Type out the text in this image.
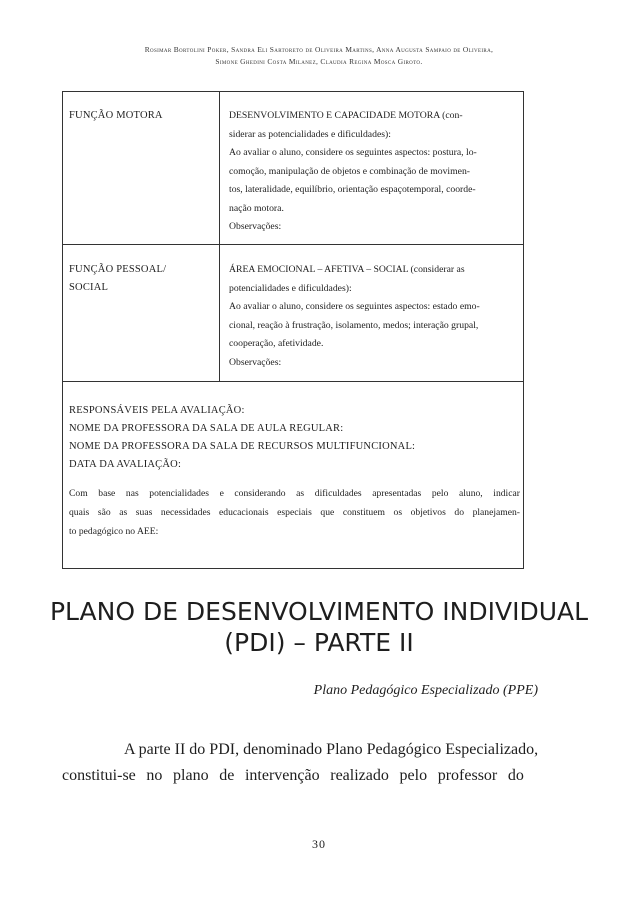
Rosimar Bortolini Poker, Sandra Eli Sartoreto de Oliveira Martins, Anna Augusta Sampaio de Oliveira,
Simone Ghedini Costa Milanez, Claudia Regina Mosca Giroto.
FUNÇÃO MOTORA	DESENVOLVIMENTO E CAPACIDADE MOTORA (con-
siderar as potencialidades e dificuldades):
Ao avaliar o aluno, considere os seguintes aspectos: postura, lo-
comoção, manipulação de objetos e combinação de movimen-
tos, lateralidade, equilíbrio, orientação espaçotemporal, coorde-
nação motora.
Observações:
FUNÇÃO PESSOAL/
SOCIAL
ÁREA EMOCIONAL – AFETIVA – SOCIAL (considerar as
potencialidades e dificuldades):
Ao avaliar o aluno, considere os seguintes aspectos: estado emo-
cional, reação à frustração, isolamento, medos; interação grupal,
cooperação, afetividade.
Observações:
RESPONSÁVEIS PELA AVALIAÇÃO:
NOME DA PROFESSORA DA SALA DE AULA REGULAR:
NOME DA PROFESSORA DA SALA DE RECURSOS MULTIFUNCIONAL:
DATA DA AVALIAÇÃO:
Com base nas potencialidades e considerando as dificuldades apresentadas pelo aluno, indicar
quais são as suas necessidades educacionais especiais que constituem os objetivos do planejamen-
to pedagógico no AEE:
PLANO DE DESENVOLVIMENTO INDIVIDUAL
(PDI) – PARTE II
Plano Pedagógico Especializado (PPE)
A parte II do PDI, denominado Plano Pedagógico Especializado,
constitui-se no plano de intervenção realizado pelo professor do
30
